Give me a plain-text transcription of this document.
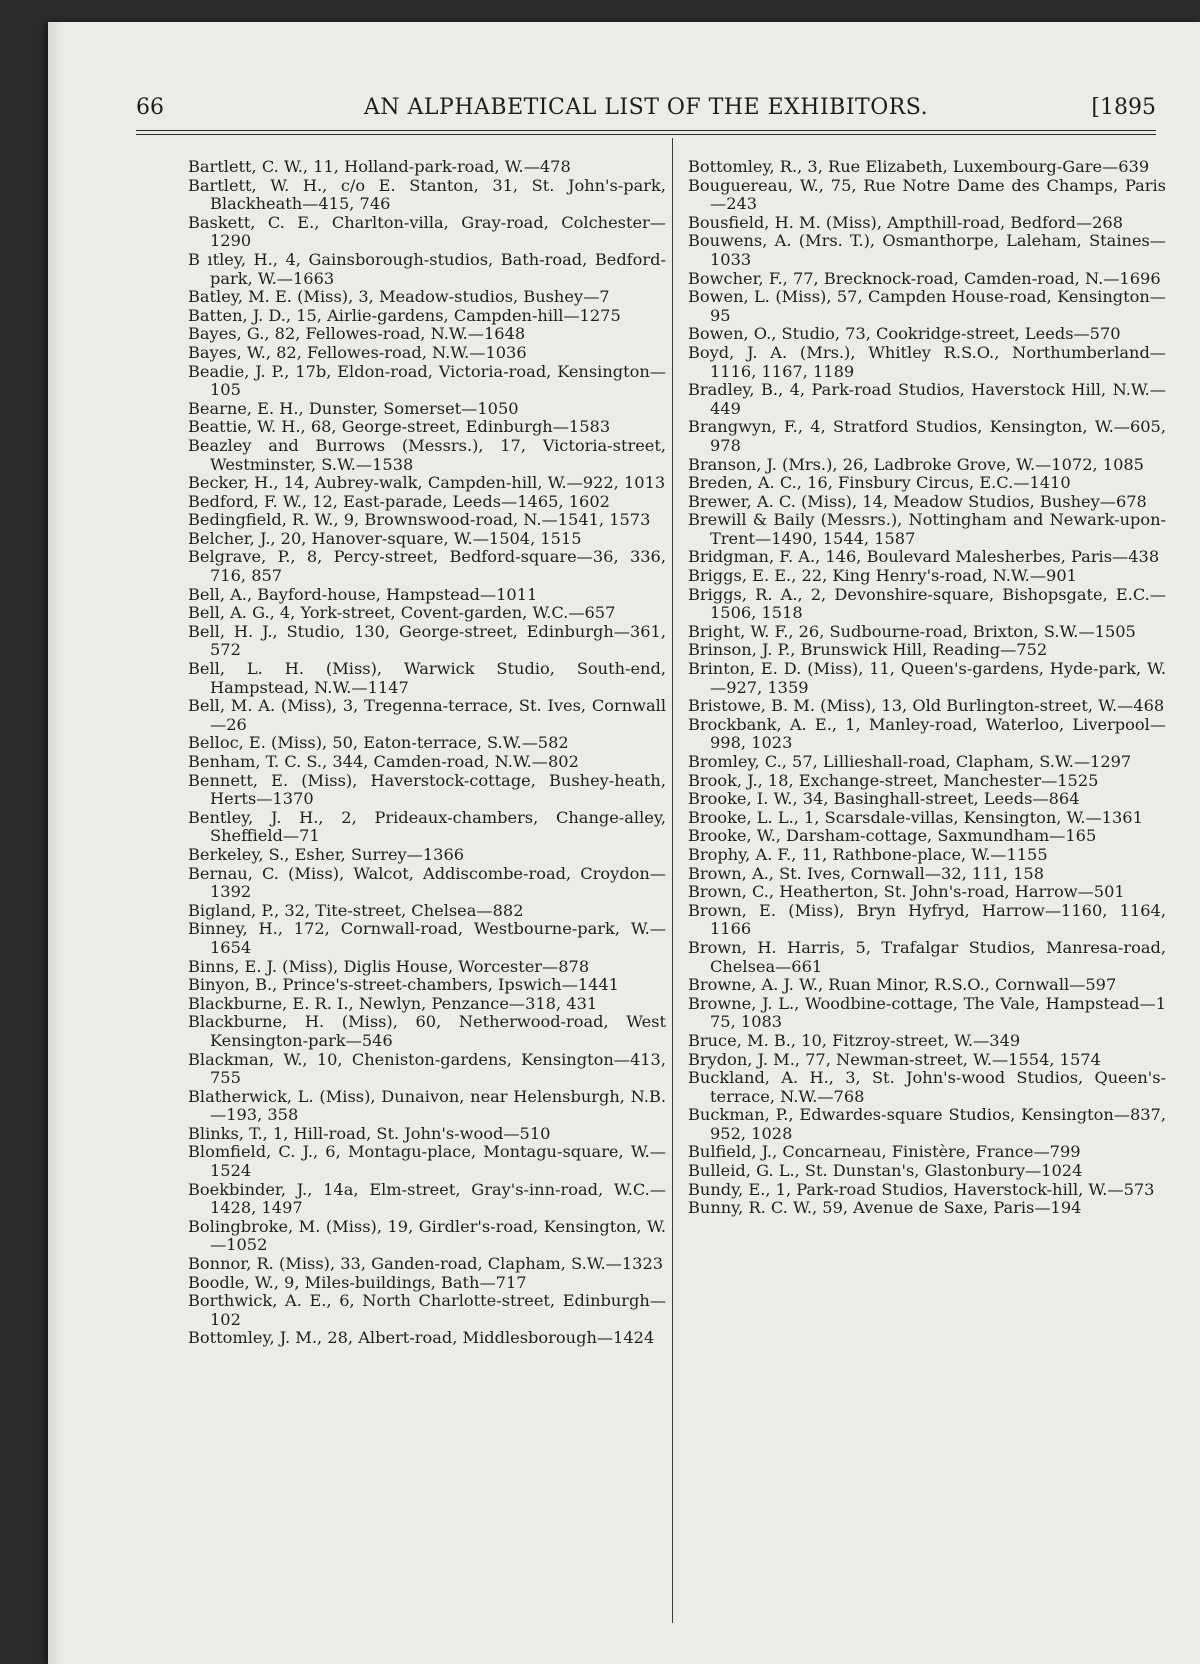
66	AN ALPHABETICAL LIST OF THE EXHIBITORS.	[1895
Bartlett, C. W., 11, Holland-park-road, W.—478
Bartlett, W. H., c/o E. Stanton, 31, St. John's-park, Blackheath—415, 746
Baskett, C. E., Charlton-villa, Gray-road, Colchester—1290
B ıtley, H., 4, Gainsborough-studios, Bath-road, Bedford-park, W.—1663
Batley, M. E. (Miss), 3, Meadow-studios, Bushey—7
Batten, J. D., 15, Airlie-gardens, Campden-hill—1275
Bayes, G., 82, Fellowes-road, N.W.—1648
Bayes, W., 82, Fellowes-road, N.W.—1036
Beadie, J. P., 17b, Eldon-road, Victoria-road, Kensington—105
Bearne, E. H., Dunster, Somerset—1050
Beattie, W. H., 68, George-street, Edinburgh—1583
Beazley and Burrows (Messrs.), 17, Victoria-street, Westminster, S.W.—1538
Becker, H., 14, Aubrey-walk, Campden-hill, W.—922, 1013
Bedford, F. W., 12, East-parade, Leeds—1465, 1602
Bedingfield, R. W., 9, Brownswood-road, N.—1541, 1573
Belcher, J., 20, Hanover-square, W.—1504, 1515
Belgrave, P., 8, Percy-street, Bedford-square—36, 336, 716, 857
Bell, A., Bayford-house, Hampstead—1011
Bell, A. G., 4, York-street, Covent-garden, W.C.—657
Bell, H. J., Studio, 130, George-street, Edinburgh—361, 572
Bell, L. H. (Miss), Warwick Studio, South-end, Hampstead, N.W.—1147
Bell, M. A. (Miss), 3, Tregenna-terrace, St. Ives, Cornwall—26
Belloc, E. (Miss), 50, Eaton-terrace, S.W.—582
Benham, T. C. S., 344, Camden-road, N.W.—802
Bennett, E. (Miss), Haverstock-cottage, Bushey-heath, Herts—1370
Bentley, J. H., 2, Prideaux-chambers, Change-alley, Sheffield—71
Berkeley, S., Esher, Surrey—1366
Bernau, C. (Miss), Walcot, Addiscombe-road, Croydon—1392
Bigland, P., 32, Tite-street, Chelsea—882
Binney, H., 172, Cornwall-road, Westbourne-park, W.—1654
Binns, E. J. (Miss), Diglis House, Worcester—878
Binyon, B., Prince's-street-chambers, Ipswich—1441
Blackburne, E. R. I., Newlyn, Penzance—318, 431
Blackburne, H. (Miss), 60, Netherwood-road, West Kensington-park—546
Blackman, W., 10, Cheniston-gardens, Kensington—413, 755
Blatherwick, L. (Miss), Dunaivon, near Helensburgh, N.B.—193, 358
Blinks, T., 1, Hill-road, St. John's-wood—510
Blomfield, C. J., 6, Montagu-place, Montagu-square, W.—1524
Boekbinder, J., 14a, Elm-street, Gray's-inn-road, W.C.—1428, 1497
Bolingbroke, M. (Miss), 19, Girdler's-road, Kensington, W.—1052
Bonnor, R. (Miss), 33, Ganden-road, Clapham, S.W.—1323
Boodle, W., 9, Miles-buildings, Bath—717
Borthwick, A. E., 6, North Charlotte-street, Edinburgh—102
Bottomley, J. M., 28, Albert-road, Middlesborough—1424
Bottomley, R., 3, Rue Elizabeth, Luxembourg-Gare—639
Bouguereau, W., 75, Rue Notre Dame des Champs, Paris—243
Bousfield, H. M. (Miss), Ampthill-road, Bedford—268
Bouwens, A. (Mrs. T.), Osmanthorpe, Laleham, Staines—1033
Bowcher, F., 77, Brecknock-road, Camden-road, N.—1696
Bowen, L. (Miss), 57, Campden House-road, Kensington—95
Bowen, O., Studio, 73, Cookridge-street, Leeds—570
Boyd, J. A. (Mrs.), Whitley R.S.O., Northumberland—1116, 1167, 1189
Bradley, B., 4, Park-road Studios, Haverstock Hill, N.W.—449
Brangwyn, F., 4, Stratford Studios, Kensington, W.—605, 978
Branson, J. (Mrs.), 26, Ladbroke Grove, W.—1072, 1085
Breden, A. C., 16, Finsbury Circus, E.C.—1410
Brewer, A. C. (Miss), 14, Meadow Studios, Bushey—678
Brewill & Baily (Messrs.), Nottingham and Newark-upon-Trent—1490, 1544, 1587
Bridgman, F. A., 146, Boulevard Malesherbes, Paris—438
Briggs, E. E., 22, King Henry's-road, N.W.—901
Briggs, R. A., 2, Devonshire-square, Bishopsgate, E.C.—1506, 1518
Bright, W. F., 26, Sudbourne-road, Brixton, S.W.—1505
Brinson, J. P., Brunswick Hill, Reading—752
Brinton, E. D. (Miss), 11, Queen's-gardens, Hyde-park, W.—927, 1359
Bristowe, B. M. (Miss), 13, Old Burlington-street, W.—468
Brockbank, A. E., 1, Manley-road, Waterloo, Liverpool—998, 1023
Bromley, C., 57, Lillieshall-road, Clapham, S.W.—1297
Brook, J., 18, Exchange-street, Manchester—1525
Brooke, I. W., 34, Basinghall-street, Leeds—864
Brooke, L. L., 1, Scarsdale-villas, Kensington, W.—1361
Brooke, W., Darsham-cottage, Saxmundham—165
Brophy, A. F., 11, Rathbone-place, W.—1155
Brown, A., St. Ives, Cornwall—32, 111, 158
Brown, C., Heatherton, St. John's-road, Harrow—501
Brown, E. (Miss), Bryn Hyfryd, Harrow—1160, 1164, 1166
Brown, H. Harris, 5, Trafalgar Studios, Manresa-road, Chelsea—661
Browne, A. J. W., Ruan Minor, R.S.O., Cornwall—597
Browne, J. L., Woodbine-cottage, The Vale, Hampstead—1 75, 1083
Bruce, M. B., 10, Fitzroy-street, W.—349
Brydon, J. M., 77, Newman-street, W.—1554, 1574
Buckland, A. H., 3, St. John's-wood Studios, Queen's-terrace, N.W.—768
Buckman, P., Edwardes-square Studios, Kensington—837, 952, 1028
Bulfield, J., Concarneau, Finistère, France—799
Bulleid, G. L., St. Dunstan's, Glastonbury—1024
Bundy, E., 1, Park-road Studios, Haverstock-hill, W.—573
Bunny, R. C. W., 59, Avenue de Saxe, Paris—194
